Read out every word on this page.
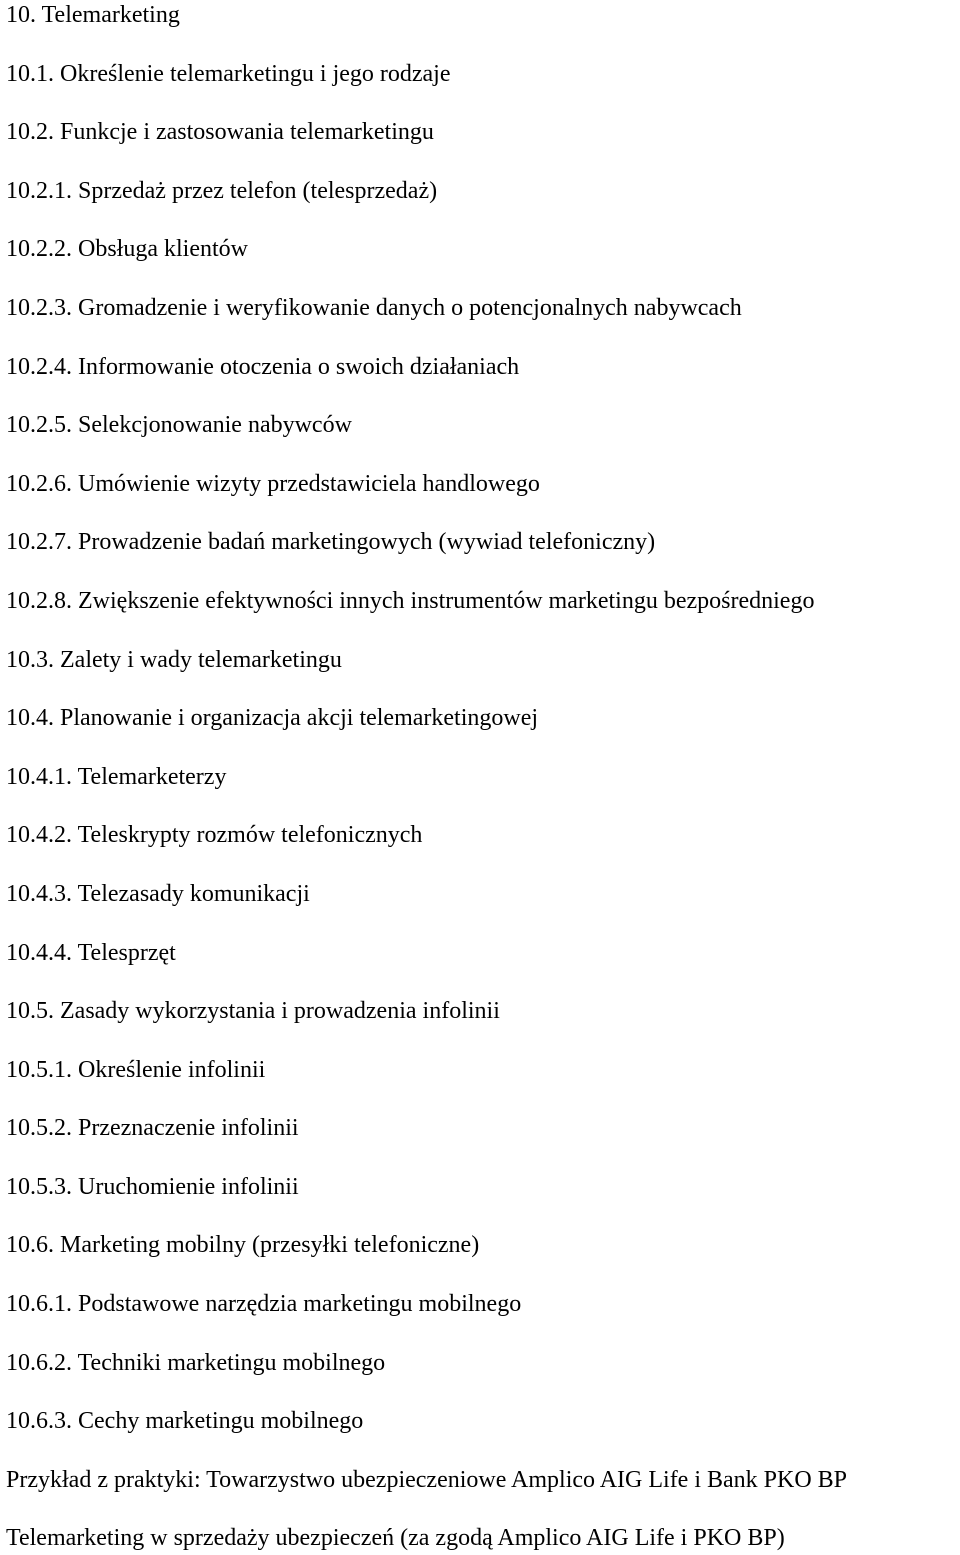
10. Telemarketing
10.1. Określenie telemarketingu i jego rodzaje
10.2. Funkcje i zastosowania telemarketingu
10.2.1. Sprzedaż przez telefon (telesprzedaż)
10.2.2. Obsługa klientów
10.2.3. Gromadzenie i weryfikowanie danych o potencjonalnych nabywcach
10.2.4. Informowanie otoczenia o swoich działaniach
10.2.5. Selekcjonowanie nabywców
10.2.6. Umówienie wizyty przedstawiciela handlowego
10.2.7. Prowadzenie badań marketingowych (wywiad telefoniczny)
10.2.8. Zwiększenie efektywności innych instrumentów marketingu bezpośredniego
10.3. Zalety i wady telemarketingu
10.4. Planowanie i organizacja akcji telemarketingowej
10.4.1. Telemarketerzy
10.4.2. Teleskrypty rozmów telefonicznych
10.4.3. Telezasady komunikacji
10.4.4. Telesprzęt
10.5. Zasady wykorzystania i prowadzenia infolinii
10.5.1. Określenie infolinii
10.5.2. Przeznaczenie infolinii
10.5.3. Uruchomienie infolinii
10.6. Marketing mobilny (przesyłki telefoniczne)
10.6.1. Podstawowe narzędzia marketingu mobilnego
10.6.2. Techniki marketingu mobilnego
10.6.3. Cechy marketingu mobilnego
Przykład z praktyki: Towarzystwo ubezpieczeniowe Amplico AIG Life i Bank PKO BP
Telemarketing w sprzedaży ubezpieczeń (za zgodą Amplico AIG Life i PKO BP)
